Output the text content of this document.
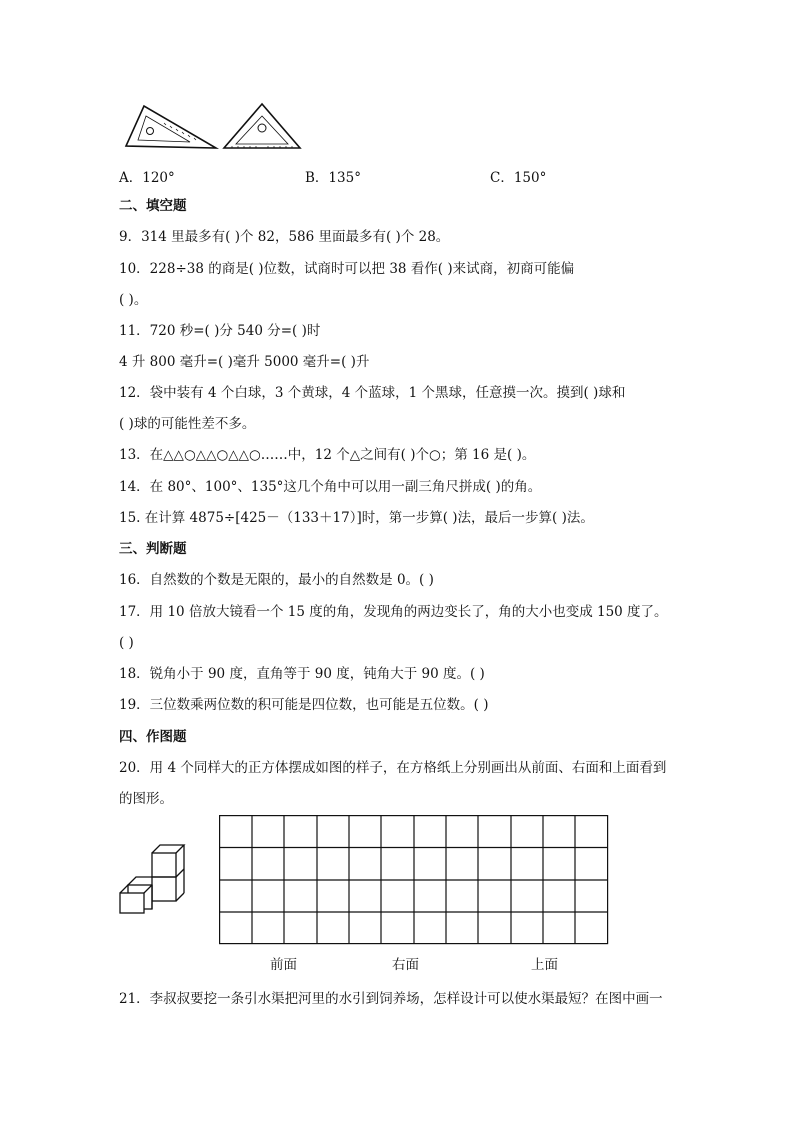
A．120°	B．135°	C．150°
二、填空题
9．314 里最多有( )个 82，586 里面最多有( )个 28。
10．228÷38 的商是( )位数，试商时可以把 38 看作( )来试商，初商可能偏
( )。
11．720 秒=( )分 540 分=( )时
4 升 800 毫升=( )毫升 5000 毫升=( )升
12．袋中装有 4 个白球，3 个黄球，4 个蓝球，1 个黑球，任意摸一次。摸到( )球和
( )球的可能性差不多。
13．在△△○△△○△△○……中，12 个△之间有( )个○；第 16 是( )。
14．在 80°、100°、135°这几个角中可以用一副三角尺拼成( )的角。
15. 在计算 4875÷[425－（133＋17）]时，第一步算( )法，最后一步算( )法。
三、判断题
16．自然数的个数是无限的，最小的自然数是 0。( )
17．用 10 倍放大镜看一个 15 度的角，发现角的两边变长了，角的大小也变成 150 度了。
( )
18．锐角小于 90 度，直角等于 90 度，钝角大于 90 度。( )
19．三位数乘两位数的积可能是四位数，也可能是五位数。( )
四、作图题
20．用 4 个同样大的正方体摆成如图的样子，在方格纸上分别画出从前面、右面和上面看到
的图形。
前面	右面	上面
21．李叔叔要挖一条引水渠把河里的水引到饲养场，怎样设计可以使水渠最短？在图中画一
